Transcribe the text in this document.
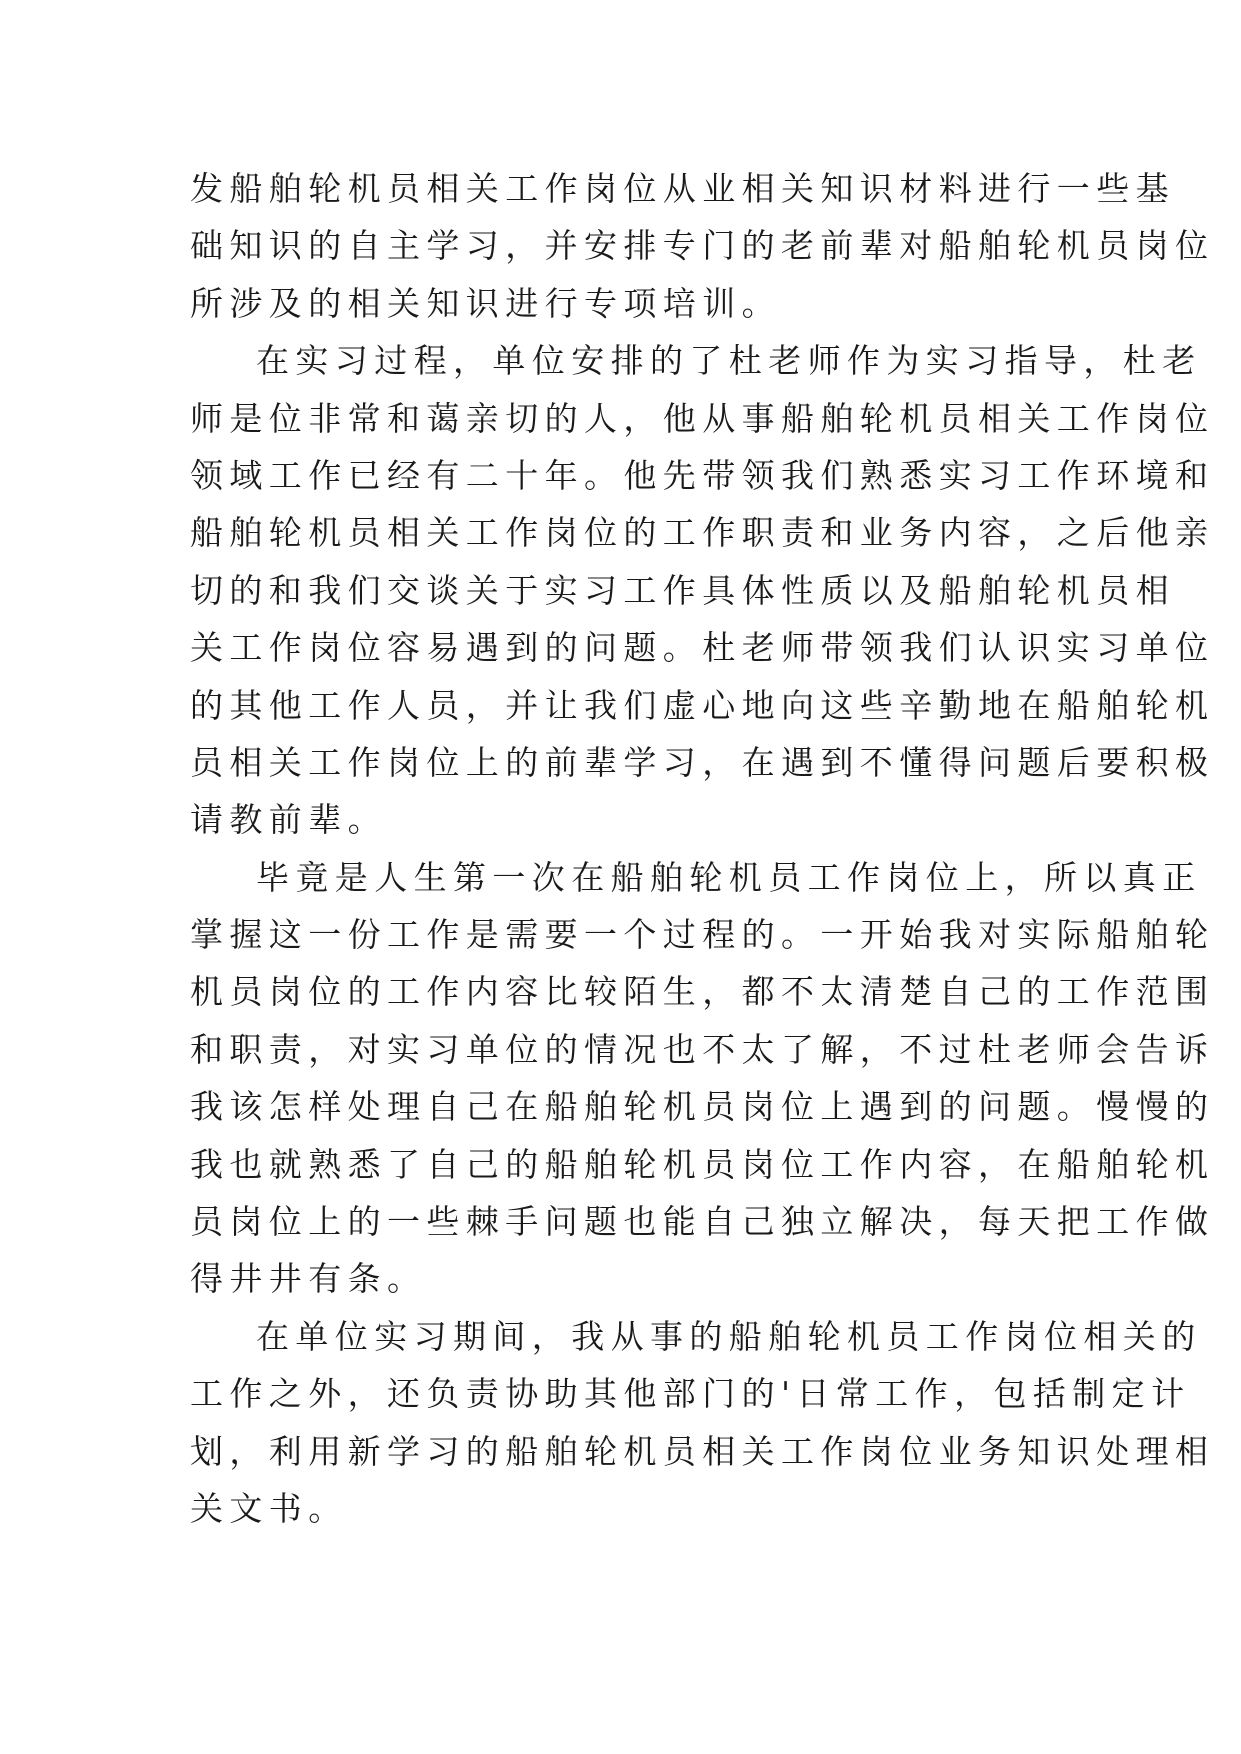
发船舶轮机员相关工作岗位从业相关知识材料进行一些基
础知识的自主学习，并安排专门的老前辈对船舶轮机员岗位
所涉及的相关知识进行专项培训。
在实习过程，单位安排的了杜老师作为实习指导，杜老
师是位非常和蔼亲切的人，他从事船舶轮机员相关工作岗位
领域工作已经有二十年。他先带领我们熟悉实习工作环境和
船舶轮机员相关工作岗位的工作职责和业务内容，之后他亲
切的和我们交谈关于实习工作具体性质以及船舶轮机员相
关工作岗位容易遇到的问题。杜老师带领我们认识实习单位
的其他工作人员，并让我们虚心地向这些辛勤地在船舶轮机
员相关工作岗位上的前辈学习，在遇到不懂得问题后要积极
请教前辈。
毕竟是人生第一次在船舶轮机员工作岗位上，所以真正
掌握这一份工作是需要一个过程的。一开始我对实际船舶轮
机员岗位的工作内容比较陌生，都不太清楚自己的工作范围
和职责，对实习单位的情况也不太了解，不过杜老师会告诉
我该怎样处理自己在船舶轮机员岗位上遇到的问题。慢慢的
我也就熟悉了自己的船舶轮机员岗位工作内容，在船舶轮机
员岗位上的一些棘手问题也能自己独立解决，每天把工作做
得井井有条。
在单位实习期间，我从事的船舶轮机员工作岗位相关的
工作之外，还负责协助其他部门的'日常工作，包括制定计
划，利用新学习的船舶轮机员相关工作岗位业务知识处理相
关文书。
